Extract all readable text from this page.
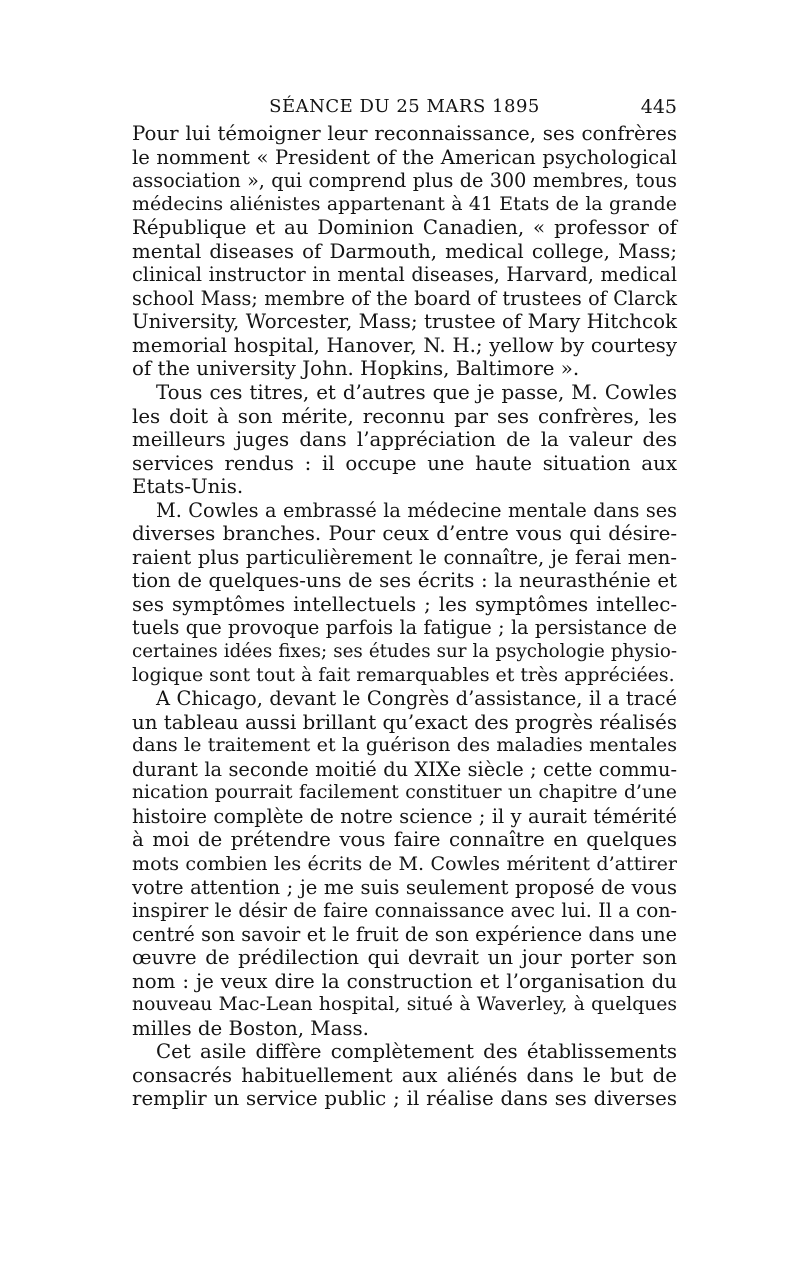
SÉANCE DU 25 MARS 1895	445
Pour lui témoigner leur reconnaissance, ses confrères
le nomment « President of the American psychological
association », qui comprend plus de 300 membres, tous
médecins aliénistes appartenant à 41 Etats de la grande
République et au Dominion Canadien, « professor of
mental diseases of Darmouth, medical college, Mass;
clinical instructor in mental diseases, Harvard, medical
school Mass; membre of the board of trustees of Clarck
University, Worcester, Mass; trustee of Mary Hitchcok
memorial hospital, Hanover, N. H.; yellow by courtesy
of the university John. Hopkins, Baltimore ».
Tous ces titres, et d’autres que je passe, M. Cowles
les doit à son mérite, reconnu par ses confrères, les
meilleurs juges dans l’appréciation de la valeur des
services rendus : il occupe une haute situation aux
Etats-Unis.
M. Cowles a embrassé la médecine mentale dans ses
diverses branches. Pour ceux d’entre vous qui désire-
raient plus particulièrement le connaître, je ferai men-
tion de quelques-uns de ses écrits : la neurasthénie et
ses symptômes intellectuels ; les symptômes intellec-
tuels que provoque parfois la fatigue ; la persistance de
certaines idées fixes; ses études sur la psychologie physio-
logique sont tout à fait remarquables et très appréciées.
A Chicago, devant le Congrès d’assistance, il a tracé
un tableau aussi brillant qu’exact des progrès réalisés
dans le traitement et la guérison des maladies mentales
durant la seconde moitié du XIXe siècle ; cette commu-
nication pourrait facilement constituer un chapitre d’une
histoire complète de notre science ; il y aurait témérité
à moi de prétendre vous faire connaître en quelques
mots combien les écrits de M. Cowles méritent d’attirer
votre attention ; je me suis seulement proposé de vous
inspirer le désir de faire connaissance avec lui. Il a con-
centré son savoir et le fruit de son expérience dans une
œuvre de prédilection qui devrait un jour porter son
nom : je veux dire la construction et l’organisation du
nouveau Mac-Lean hospital, situé à Waverley, à quelques
milles de Boston, Mass.
Cet asile diffère complètement des établissements
consacrés habituellement aux aliénés dans le but de
remplir un service public ; il réalise dans ses diverses
